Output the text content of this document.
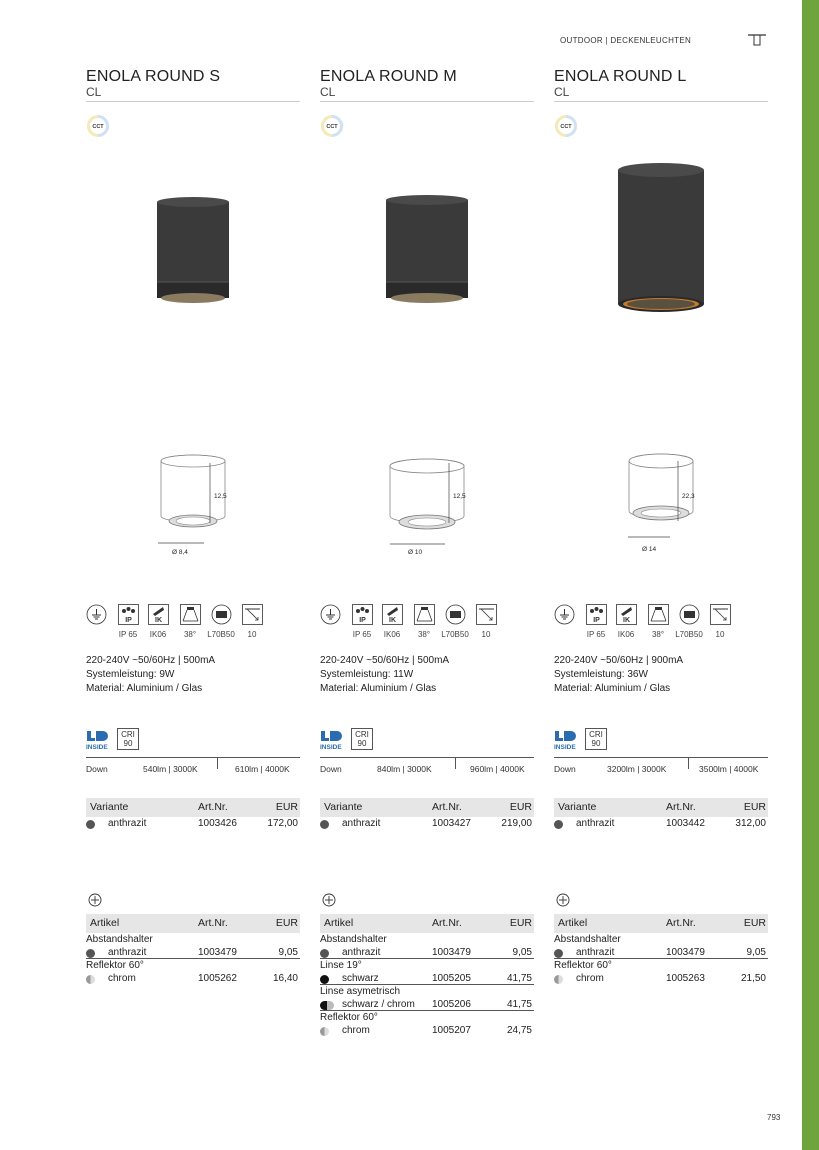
OUTDOOR | DECKENLEUCHTEN
ENOLA ROUND S
CL
CCT
12,5
Ø 8,4
IP	IK
IP 65	IK06	38°	L70B50	10
220-240V ~50/60Hz | 500mA
Systemleistung: 9W
Material: Aluminium / Glas
INSIDE
CRI
90
Down	540lm | 3000K	610lm | 4000K
Variante	Art.Nr.	EUR
anthrazit	1003426	172,00
Artikel	Art.Nr.	EUR
Abstandshalter
anthrazit	1003479	9,05
Reflektor 60°
chrom	1005262	16,40
ENOLA ROUND M
CL
CCT
12,5
Ø 10
IP	IK
IP 65	IK06	38°	L70B50	10
220-240V ~50/60Hz | 500mA
Systemleistung: 11W
Material: Aluminium / Glas
INSIDE
CRI
90
Down	840lm | 3000K	960lm | 4000K
Variante	Art.Nr.	EUR
anthrazit	1003427	219,00
Artikel	Art.Nr.	EUR
Abstandshalter
anthrazit	1003479	9,05
Linse 19°
schwarz	1005205	41,75
Linse asymetrisch
schwarz / chrom 1005206	41,75
Reflektor 60°
chrom	1005207	24,75
ENOLA ROUND L
CL
CCT
22,3
Ø 14
IP	IK
IP 65	IK06	38°	L70B50	10
220-240V ~50/60Hz | 900mA
Systemleistung: 36W
Material: Aluminium / Glas
INSIDE
CRI
90
Down	3200lm | 3000K	3500lm | 4000K
Variante	Art.Nr.	EUR
anthrazit	1003442	312,00
Artikel	Art.Nr.	EUR
Abstandshalter
anthrazit	1003479	9,05
Reflektor 60°
chrom	1005263	21,50
793
